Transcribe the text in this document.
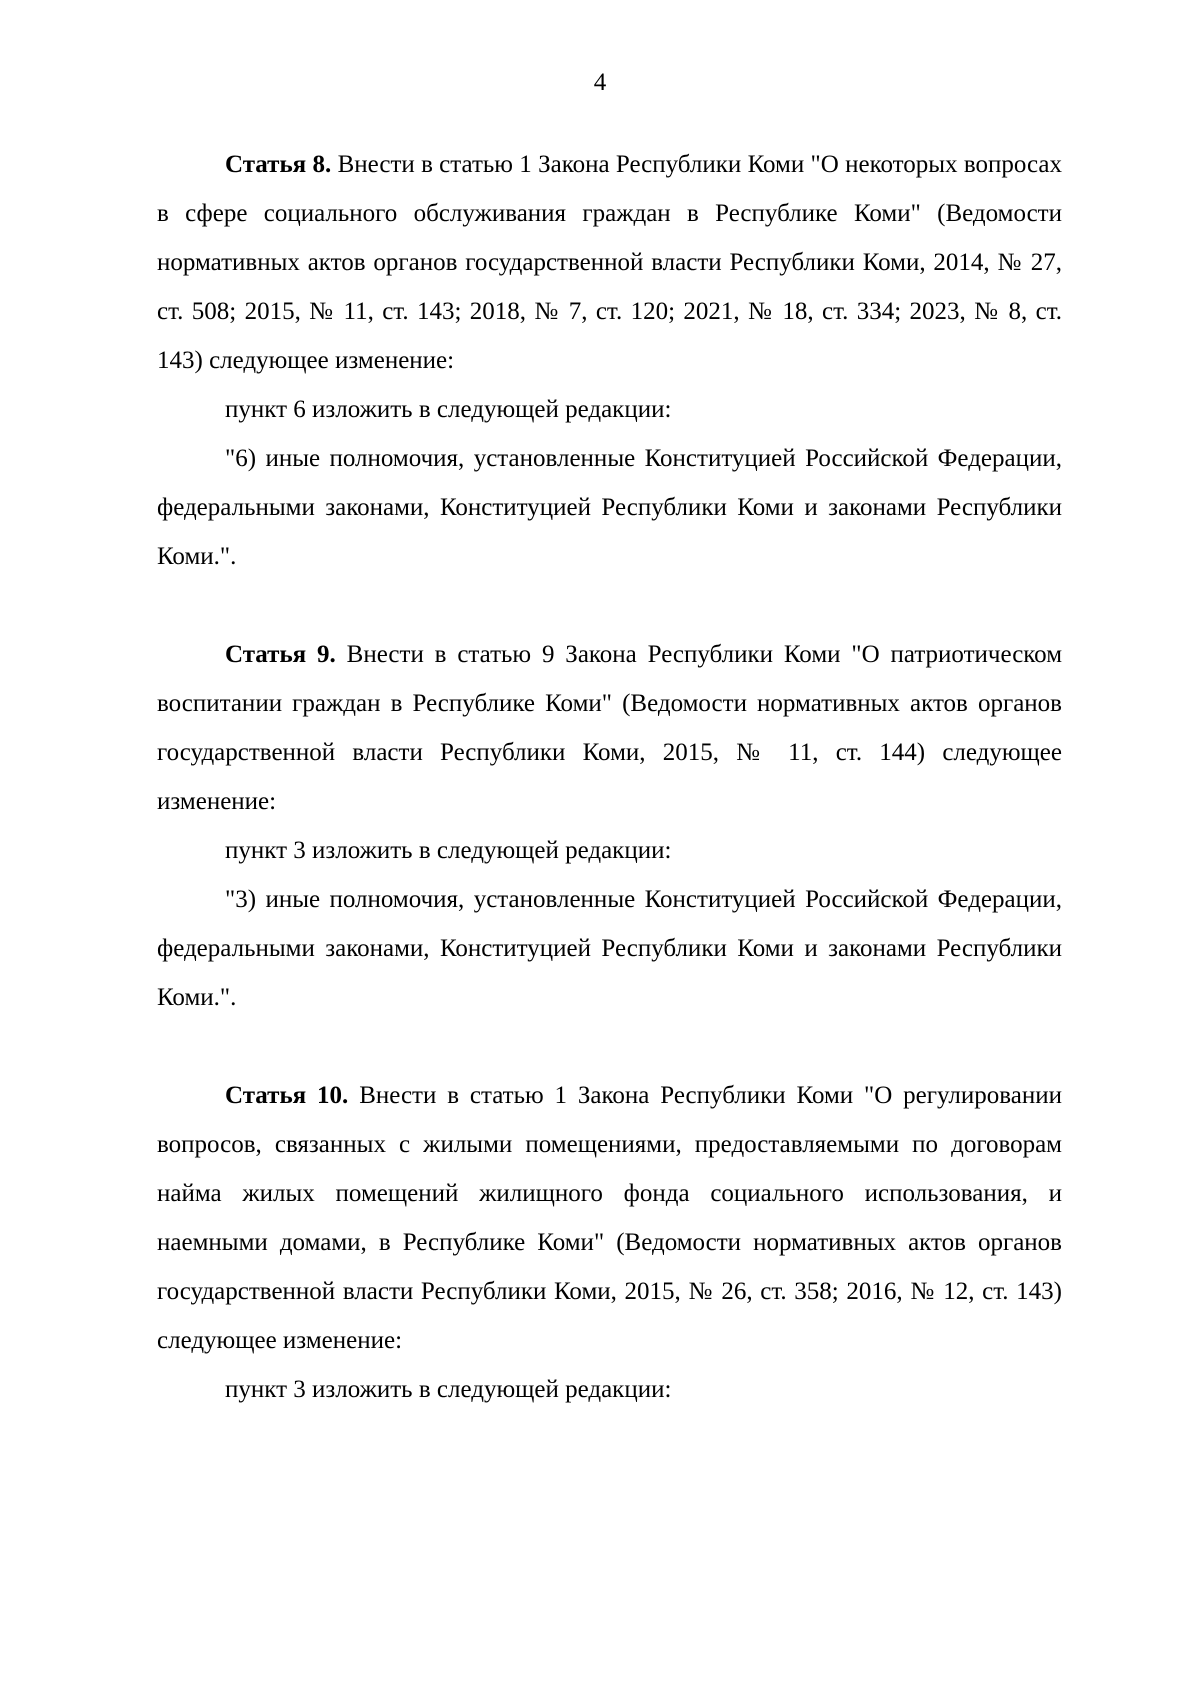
4

Статья 8. Внести в статью 1 Закона Республики Коми "О некоторых вопросах в сфере социального обслуживания граждан в Республике Коми" (Ведомости нормативных актов органов государственной власти Республики Коми, 2014, № 27, ст. 508; 2015, № 11, ст. 143; 2018, № 7, ст. 120; 2021, № 18, ст. 334; 2023, № 8, ст. 143) следующее изменение:

пункт 6 изложить в следующей редакции:

"6) иные полномочия, установленные Конституцией Российской Федерации, федеральными законами, Конституцией Республики Коми и законами Республики Коми.".

Статья 9. Внести в статью 9 Закона Республики Коми "О патриотическом воспитании граждан в Республике Коми" (Ведомости нормативных актов органов государственной власти Республики Коми, 2015, № 11, ст. 144) следующее изменение:

пункт 3 изложить в следующей редакции:

"3) иные полномочия, установленные Конституцией Российской Федерации, федеральными законами, Конституцией Республики Коми и законами Республики Коми.".

Статья 10. Внести в статью 1 Закона Республики Коми "О регулировании вопросов, связанных с жилыми помещениями, предоставляемыми по договорам найма жилых помещений жилищного фонда социального использования, и наемными домами, в Республике Коми" (Ведомости нормативных актов органов государственной власти Республики Коми, 2015, № 26, ст. 358; 2016, № 12, ст. 143) следующее изменение:

пункт 3 изложить в следующей редакции:
